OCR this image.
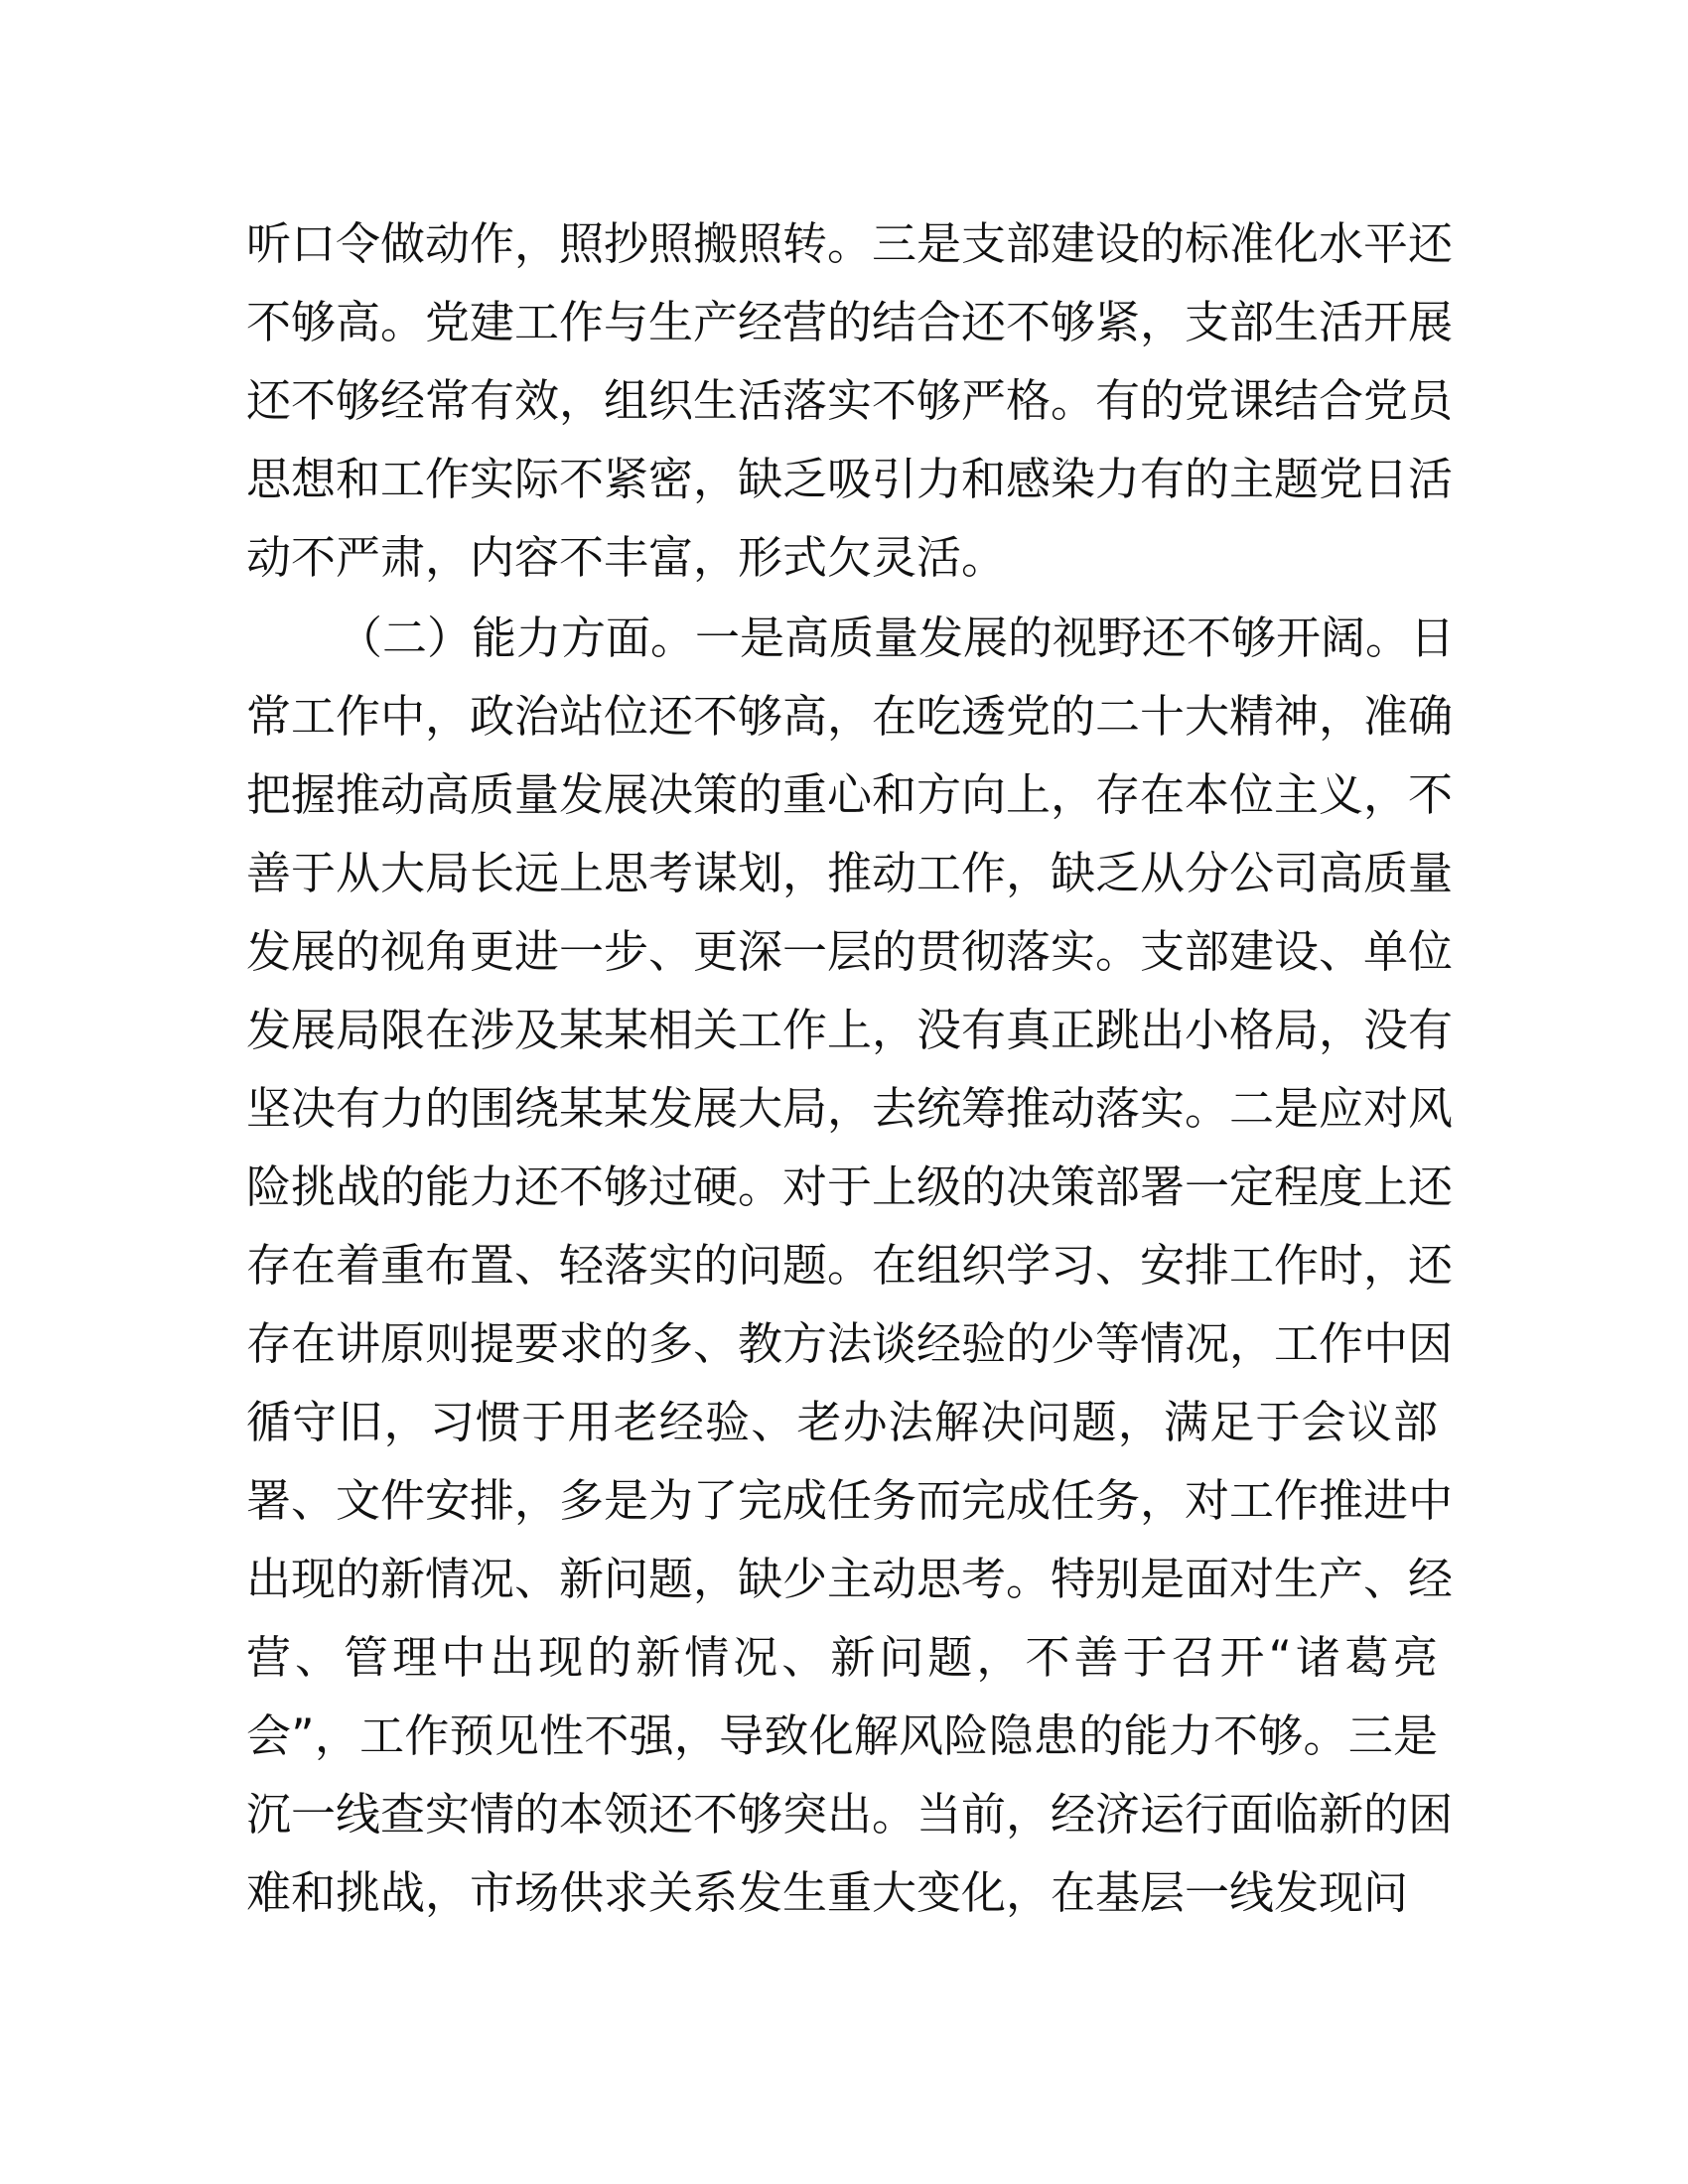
听口令做动作，照抄照搬照转。三是支部建设的标准化水平还
不够高。党建工作与生产经营的结合还不够紧，支部生活开展
还不够经常有效，组织生活落实不够严格。有的党课结合党员
思想和工作实际不紧密，缺乏吸引力和感染力有的主题党日活
动不严肃，内容不丰富，形式欠灵活。
（二）能力方面。一是高质量发展的视野还不够开阔。日
常工作中，政治站位还不够高，在吃透党的二十大精神，准确
把握推动高质量发展决策的重心和方向上，存在本位主义，不
善于从大局长远上思考谋划，推动工作，缺乏从分公司高质量
发展的视角更进一步、更深一层的贯彻落实。支部建设、单位
发展局限在涉及某某相关工作上，没有真正跳出小格局，没有
坚决有力的围绕某某发展大局，去统筹推动落实。二是应对风
险挑战的能力还不够过硬。对于上级的决策部署一定程度上还
存在着重布置、轻落实的问题。在组织学习、安排工作时，还
存在讲原则提要求的多、教方法谈经验的少等情况，工作中因
循守旧，习惯于用老经验、老办法解决问题，满足于会议部
署、文件安排，多是为了完成任务而完成任务，对工作推进中
出现的新情况、新问题，缺少主动思考。特别是面对生产、经
营、管理中出现的新情况、新问题，不善于召开“诸葛亮
会”，工作预见性不强，导致化解风险隐患的能力不够。三是
沉一线查实情的本领还不够突出。当前，经济运行面临新的困
难和挑战，市场供求关系发生重大变化，在基层一线发现问
